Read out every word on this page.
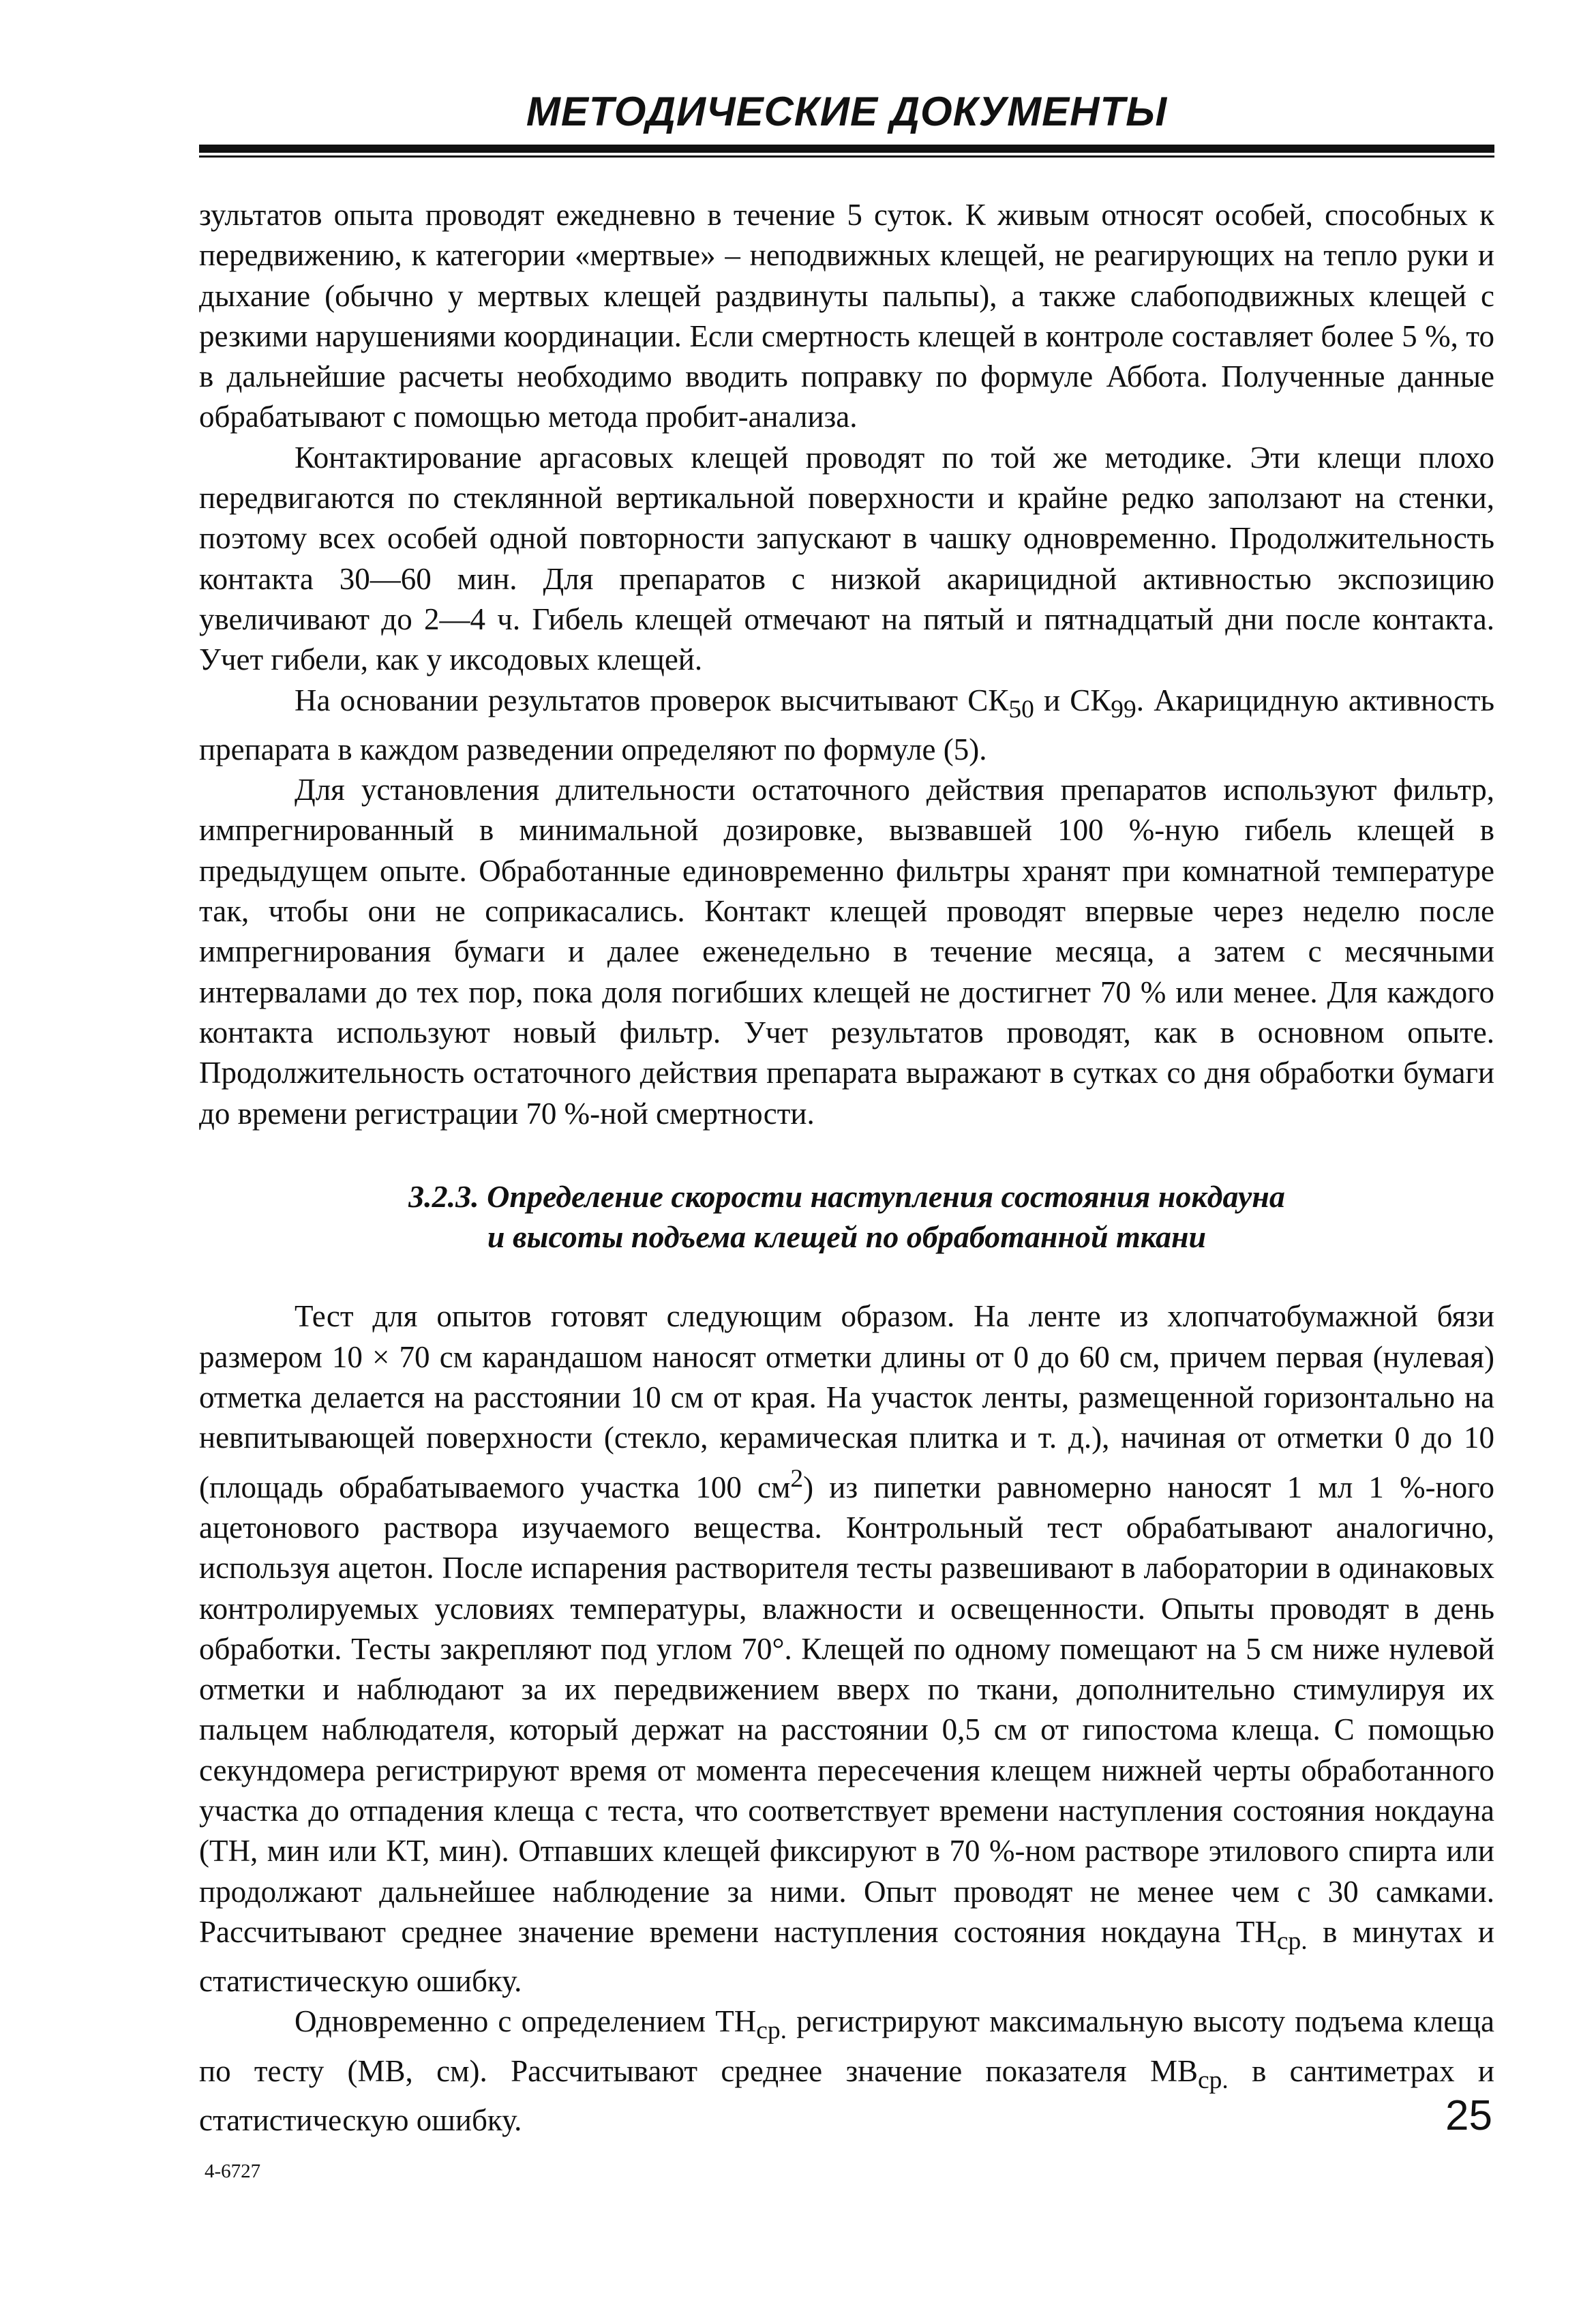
МЕТОДИЧЕСКИЕ ДОКУМЕНТЫ

зультатов опыта проводят ежедневно в течение 5 суток. К живым относят особей, способных к передвижению, к категории «мертвые» – неподвижных клещей, не реагирующих на тепло руки и дыхание (обычно у мертвых клещей раздвинуты пальпы), а также слабоподвижных клещей с резкими нарушениями координации. Если смертность клещей в контроле составляет более 5 %, то в дальнейшие расчеты необходимо вводить поправку по формуле Аббота. Полученные данные обрабатывают с помощью метода пробит-анализа.

Контактирование аргасовых клещей проводят по той же методике. Эти клещи плохо передвигаются по стеклянной вертикальной поверхности и крайне редко заползают на стенки, поэтому всех особей одной повторности запускают в чашку одновременно. Продолжительность контакта 30—60 мин. Для препаратов с низкой акарицидной активностью экспозицию увеличивают до 2—4 ч. Гибель клещей отмечают на пятый и пятнадцатый дни после контакта. Учет гибели, как у иксодовых клещей.

На основании результатов проверок высчитывают $СК_{50}$ и $СК_{99}$. Акарицидную активность препарата в каждом разведении определяют по формуле (5).

Для установления длительности остаточного действия препаратов используют фильтр, импрегнированный в минимальной дозировке, вызвавшей 100 %-ную гибель клещей в предыдущем опыте. Обработанные единовременно фильтры хранят при комнатной температуре так, чтобы они не соприкасались. Контакт клещей проводят впервые через неделю после импрегнирования бумаги и далее еженедельно в течение месяца, а затем с месячными интервалами до тех пор, пока доля погибших клещей не достигнет 70 % или менее. Для каждого контакта используют новый фильтр. Учет результатов проводят, как в основном опыте. Продолжительность остаточного действия препарата выражают в сутках со дня обработки бумаги до времени регистрации 70 %-ной смертности.

3.2.3. Определение скорости наступления состояния нокдауна
и высоты подъема клещей по обработанной ткани

Тест для опытов готовят следующим образом. На ленте из хлопчатобумажной бязи размером 10 × 70 см карандашом наносят отметки длины от 0 до 60 см, причем первая (нулевая) отметка делается на расстоянии 10 см от края. На участок ленты, размещенной горизонтально на невпитывающей поверхности (стекло, керамическая плитка и т. д.), начиная от отметки 0 до 10 (площадь обрабатываемого участка 100 $см^2$) из пипетки равномерно наносят 1 мл 1 %-ного ацетонового раствора изучаемого вещества. Контрольный тест обрабатывают аналогично, используя ацетон. После испарения растворителя тесты развешивают в лаборатории в одинаковых контролируемых условиях температуры, влажности и освещенности. Опыты проводят в день обработки. Тесты закрепляют под углом 70°. Клещей по одному помещают на 5 см ниже нулевой отметки и наблюдают за их передвижением вверх по ткани, дополнительно стимулируя их пальцем наблюдателя, который держат на расстоянии 0,5 см от гипостома клеща. С помощью секундомера регистрируют время от момента пересечения клещем нижней черты обработанного участка до отпадения клеща с теста, что соответствует времени наступления состояния нокдауна (ТН, мин или КТ, мин). Отпавших клещей фиксируют в 70 %-ном растворе этилового спирта или продолжают дальнейшее наблюдение за ними. Опыт проводят не менее чем с 30 самками. Рассчитывают среднее значение времени наступления состояния нокдауна $ТН_{ср.}$ в минутах и статистическую ошибку.

Одновременно с определением $ТН_{ср.}$ регистрируют максимальную высоту подъема клеща по тесту (МВ, см). Рассчитывают среднее значение показателя $МВ_{ср.}$ в сантиметрах и статистическую ошибку.	25
4-6727
